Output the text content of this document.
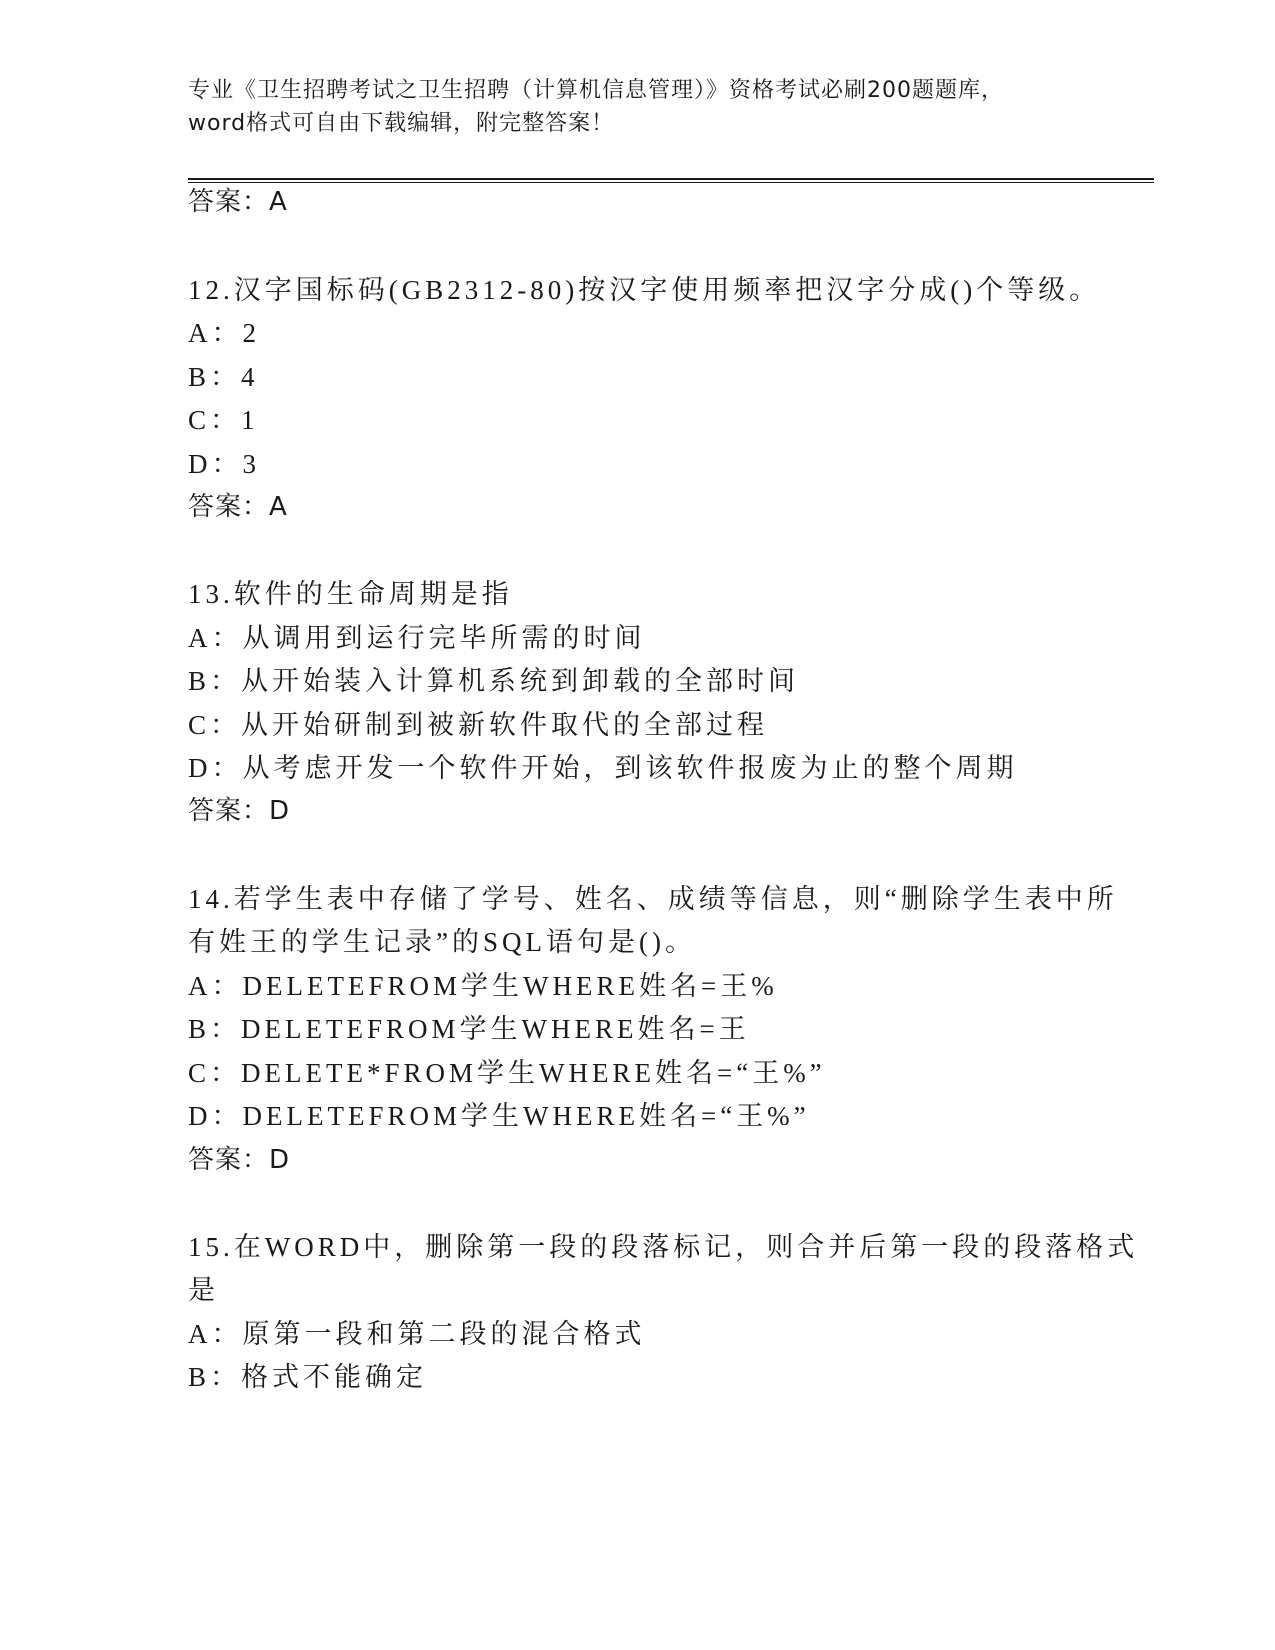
专业《卫生招聘考试之卫生招聘（计算机信息管理）》资格考试必刷200题题库，
word格式可自由下载编辑，附完整答案！
答案：A
12.汉字国标码(GB2312-80)按汉字使用频率把汉字分成()个等级。
A：2
B：4
C：1
D：3
答案：A
13.软件的生命周期是指
A：从调用到运行完毕所需的时间
B：从开始装入计算机系统到卸载的全部时间
C：从开始研制到被新软件取代的全部过程
D：从考虑开发一个软件开始，到该软件报废为止的整个周期
答案：D
14.若学生表中存储了学号、姓名、成绩等信息，则“删除学生表中所
有姓王的学生记录”的SQL语句是()。
A：DELETEFROM学生WHERE姓名=王%
B：DELETEFROM学生WHERE姓名=王
C：DELETE*FROM学生WHERE姓名=“王%”
D：DELETEFROM学生WHERE姓名=“王%”
答案：D
15.在WORD中，删除第一段的段落标记，则合并后第一段的段落格式
是
A：原第一段和第二段的混合格式
B：格式不能确定
